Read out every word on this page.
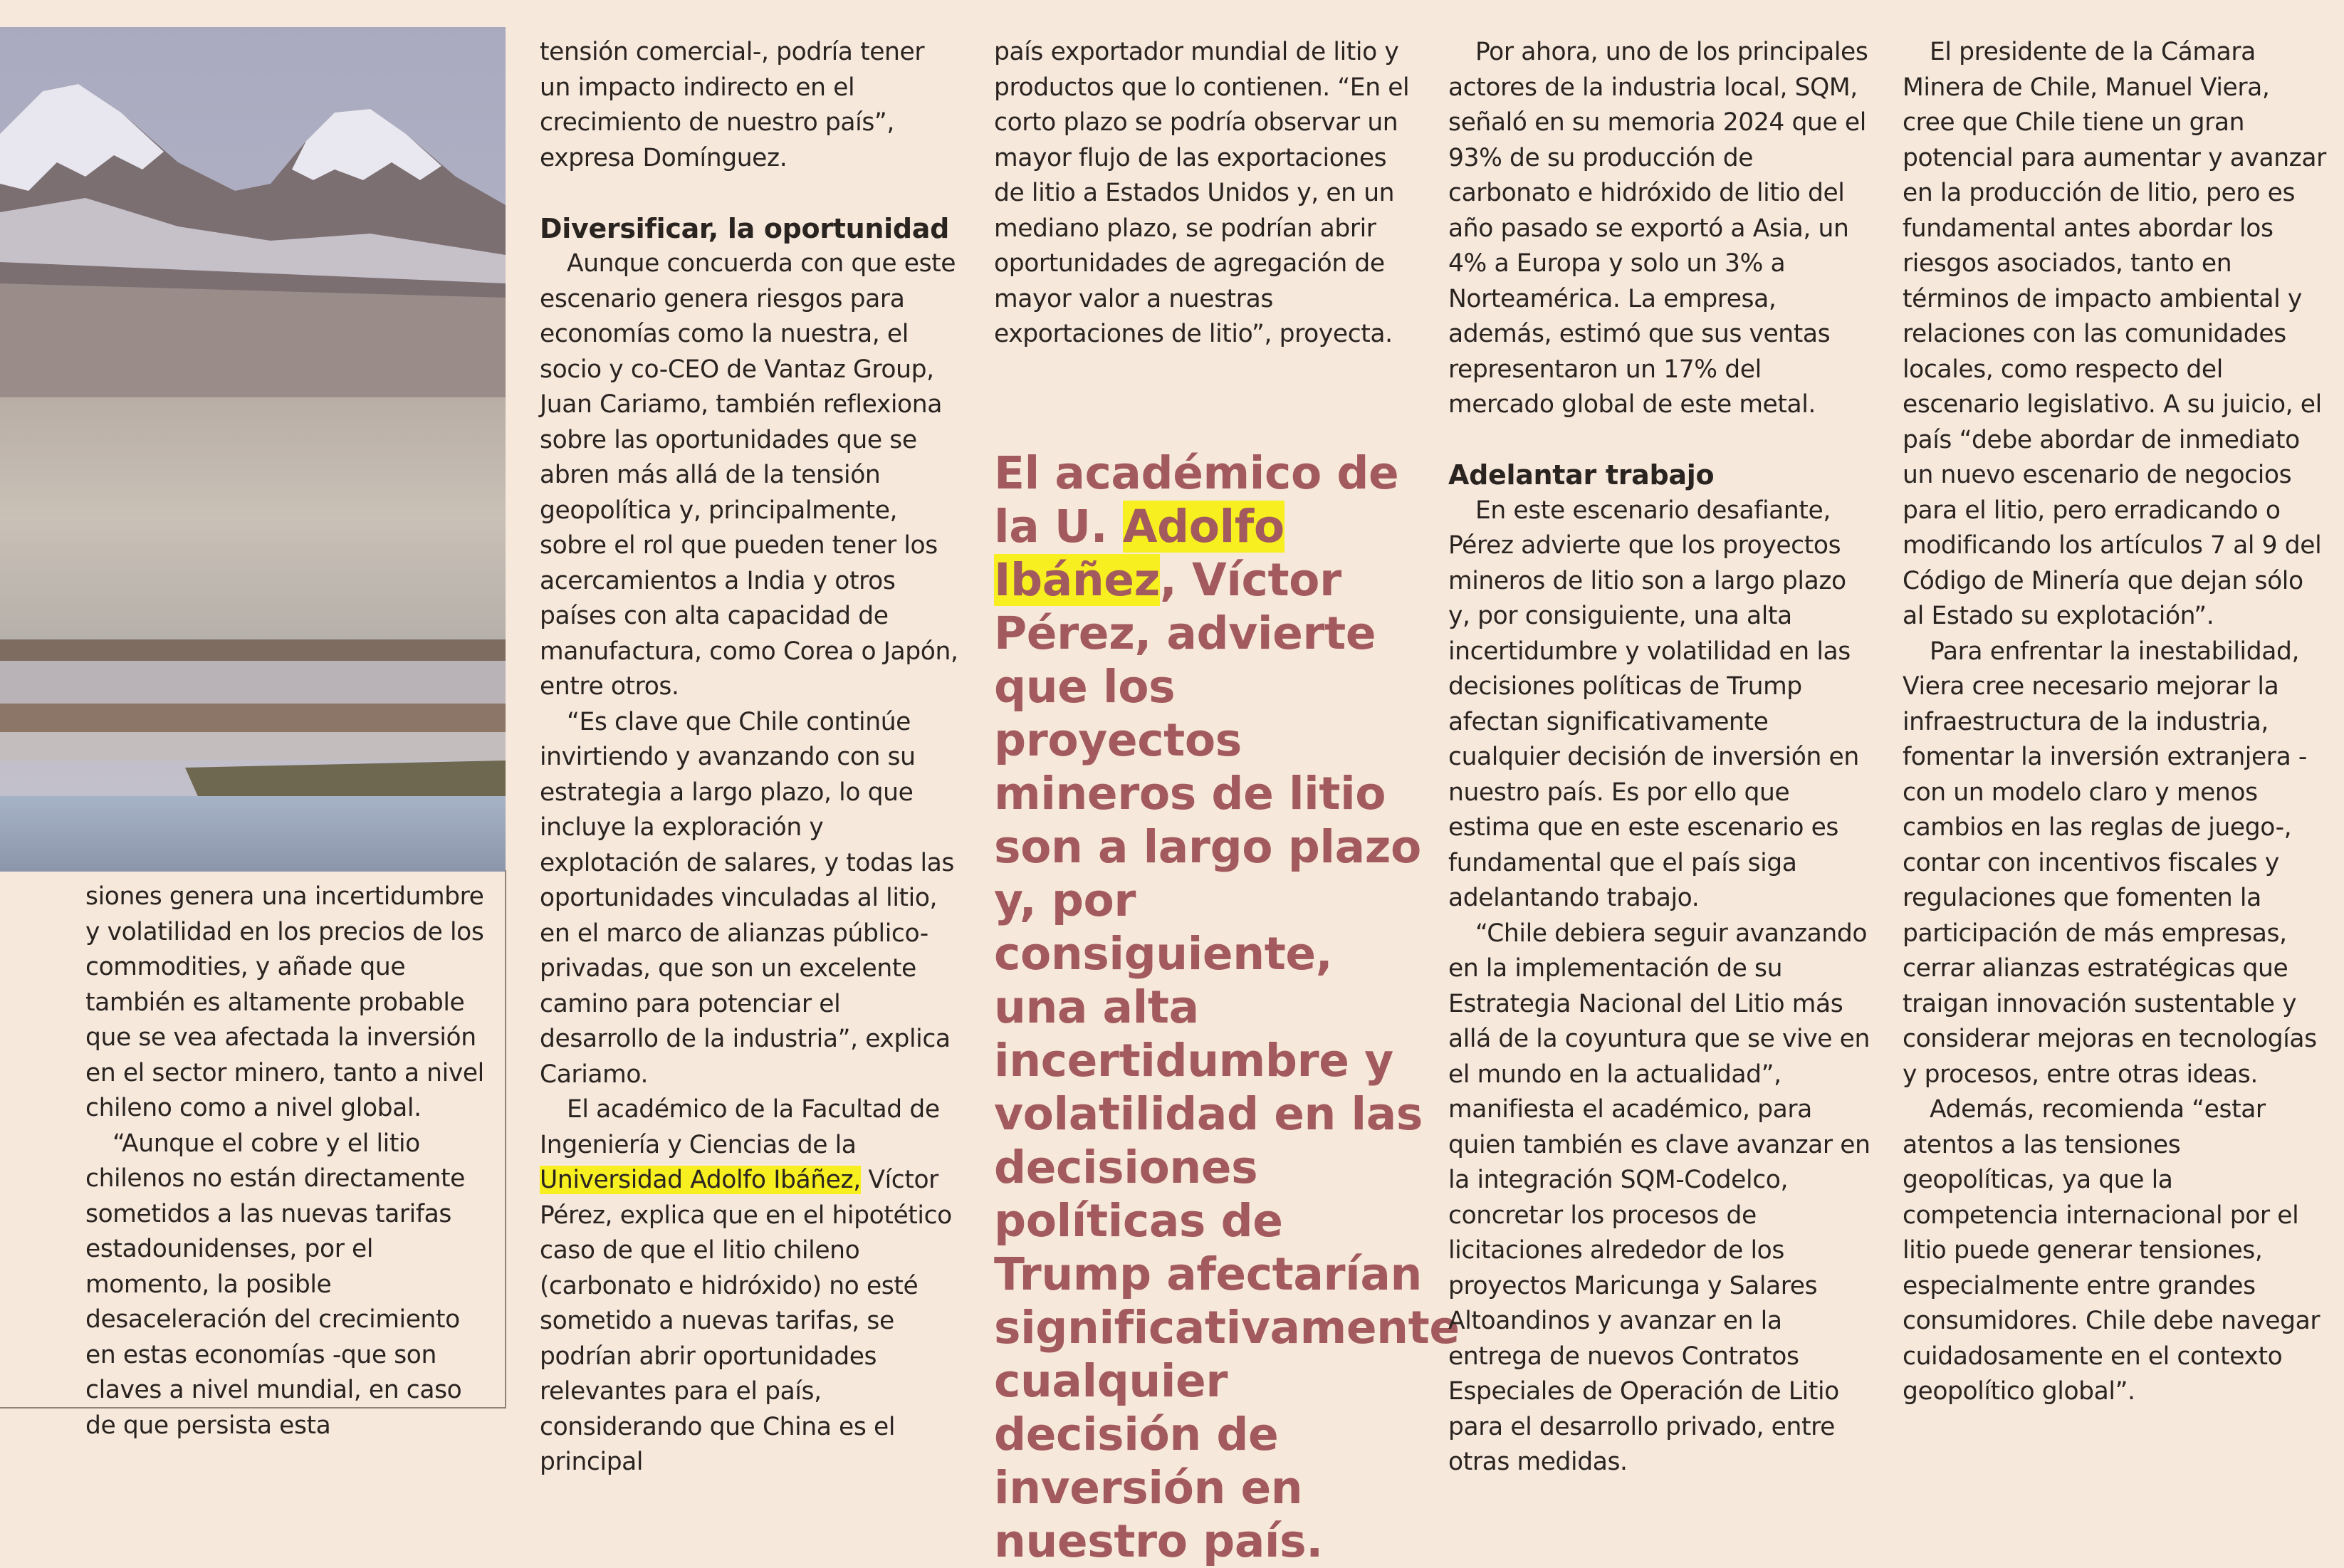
siones genera una incertidumbre y volatilidad en los precios de los commodities, y añade que también es altamente probable que se vea afectada la inversión en el sector minero, tanto a nivel chileno como a nivel global.

“Aunque el cobre y el litio chilenos no están directamente sometidos a las nuevas tarifas estadounidenses, por el momento, la posible desaceleración del crecimiento en estas economías -que son claves a nivel mundial, en caso de que persista esta

tensión comercial-, podría tener un impacto indirecto en el crecimiento de nuestro país”, expresa Domínguez.

Diversificar, la oportunidad

Aunque concuerda con que este escenario genera riesgos para economías como la nuestra, el socio y co-CEO de Vantaz Group, Juan Cariamo, también reflexiona sobre las oportunidades que se abren más allá de la tensión geopolítica y, principalmente, sobre el rol que pueden tener los acercamientos a India y otros países con alta capacidad de manufactura, como Corea o Japón, entre otros.

“Es clave que Chile continúe invirtiendo y avanzando con su estrategia a largo plazo, lo que incluye la exploración y explotación de salares, y todas las oportunidades vinculadas al litio, en el marco de alianzas público-privadas, que son un excelente camino para potenciar el desarrollo de la industria”, explica Cariamo.

El académico de la Facultad de Ingeniería y Ciencias de la Universidad Adolfo Ibáñez, Víctor Pérez, explica que en el hipotético caso de que el litio chileno (carbonato e hidróxido) no esté sometido a nuevas tarifas, se podrían abrir oportunidades relevantes para el país, considerando que China es el principal

país exportador mundial de litio y productos que lo contienen. “En el corto plazo se podría observar un mayor flujo de las exportaciones de litio a Estados Unidos y, en un mediano plazo, se podrían abrir oportunidades de agregación de mayor valor a nuestras exportaciones de litio”, proyecta.

El académico de la U. Adolfo Ibáñez, Víctor Pérez, advierte que los proyectos mineros de litio son a largo plazo y, por consiguiente, una alta incertidumbre y volatilidad en las decisiones políticas de Trump afectarían significativamente cualquier decisión de inversión en nuestro país.

Por ahora, uno de los principales actores de la industria local, SQM, señaló en su memoria 2024 que el 93% de su producción de carbonato e hidróxido de litio del año pasado se exportó a Asia, un 4% a Europa y solo un 3% a Norteamérica. La empresa, además, estimó que sus ventas representaron un 17% del mercado global de este metal.

Adelantar trabajo

En este escenario desafiante, Pérez advierte que los proyectos mineros de litio son a largo plazo y, por consiguiente, una alta incertidumbre y volatilidad en las decisiones políticas de Trump afectan significativamente cualquier decisión de inversión en nuestro país. Es por ello que estima que en este escenario es fundamental que el país siga adelantando trabajo.

“Chile debiera seguir avanzando en la implementación de su Estrategia Nacional del Litio más allá de la coyuntura que se vive en el mundo en la actualidad”, manifiesta el académico, para quien también es clave avanzar en la integración SQM-Codelco, concretar los procesos de licitaciones alrededor de los proyectos Maricunga y Salares Altoandinos y avanzar en la entrega de nuevos Contratos Especiales de Operación de Litio para el desarrollo privado, entre otras medidas.

El presidente de la Cámara Minera de Chile, Manuel Viera, cree que Chile tiene un gran potencial para aumentar y avanzar en la producción de litio, pero es fundamental antes abordar los riesgos asociados, tanto en términos de impacto ambiental y relaciones con las comunidades locales, como respecto del escenario legislativo. A su juicio, el país “debe abordar de inmediato un nuevo escenario de negocios para el litio, pero erradicando o modificando los artículos 7 al 9 del Código de Minería que dejan sólo al Estado su explotación”.

Para enfrentar la inestabilidad, Viera cree necesario mejorar la infraestructura de la industria, fomentar la inversión extranjera -con un modelo claro y menos cambios en las reglas de juego-, contar con incentivos fiscales y regulaciones que fomenten la participación de más empresas, cerrar alianzas estratégicas que traigan innovación sustentable y considerar mejoras en tecnologías y procesos, entre otras ideas.

Además, recomienda “estar atentos a las tensiones geopolíticas, ya que la competencia internacional por el litio puede generar tensiones, especialmente entre grandes consumidores. Chile debe navegar cuidadosamente en el contexto geopolítico global”.
